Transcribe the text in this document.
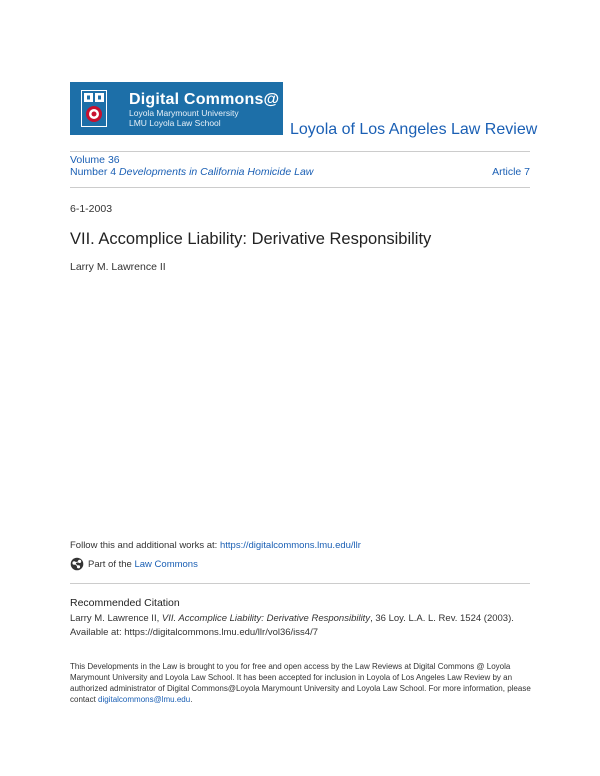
Digital Commons@
Loyola Marymount University
LMU Loyola Law School	Loyola of Los Angeles Law Review
Volume 36
Number 4 Developments in California Homicide Law	Article 7
6-1-2003
VII. Accomplice Liability: Derivative Responsibility
Larry M. Lawrence II
Follow this and additional works at: https://digitalcommons.lmu.edu/llr
Part of the Law Commons
Recommended Citation
Larry M. Lawrence II, VII. Accomplice Liability: Derivative Responsibility, 36 Loy. L.A. L. Rev. 1524 (2003).
Available at: https://digitalcommons.lmu.edu/llr/vol36/iss4/7
This Developments in the Law is brought to you for free and open access by the Law Reviews at Digital Commons @ Loyola Marymount University and Loyola Law School. It has been accepted for inclusion in Loyola of Los Angeles Law Review by an authorized administrator of Digital Commons@Loyola Marymount University and Loyola Law School. For more information, please contact digitalcommons@lmu.edu.
